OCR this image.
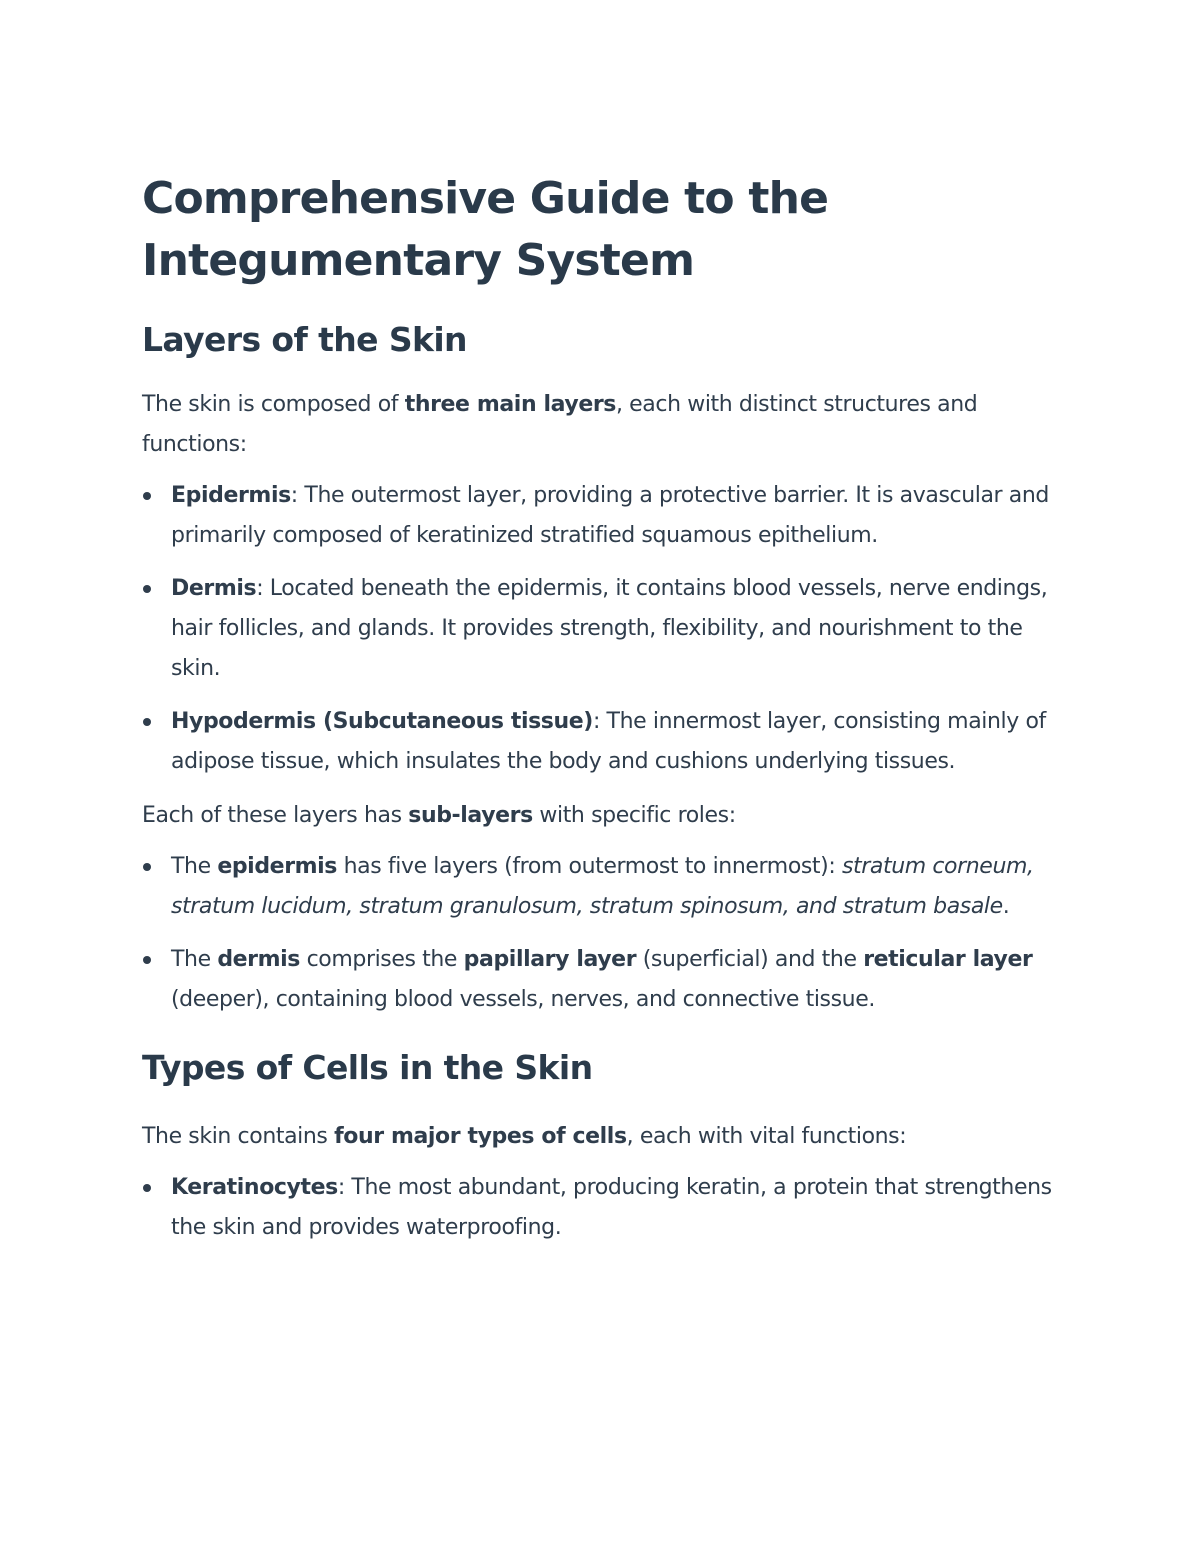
Comprehensive Guide to the Integumentary System
Layers of the Skin

The skin is composed of three main layers, each with distinct structures and functions:

Epidermis: The outermost layer, providing a protective barrier. It is avascular and primarily composed of keratinized stratified squamous epithelium.
Dermis: Located beneath the epidermis, it contains blood vessels, nerve endings, hair follicles, and glands. It provides strength, flexibility, and nourishment to the skin.
Hypodermis (Subcutaneous tissue): The innermost layer, consisting mainly of adipose tissue, which insulates the body and cushions underlying tissues.

Each of these layers has sub-layers with specific roles:

The epidermis has five layers (from outermost to innermost): stratum corneum, stratum lucidum, stratum granulosum, stratum spinosum, and stratum basale.
The dermis comprises the papillary layer (superficial) and the reticular layer (deeper), containing blood vessels, nerves, and connective tissue.
Types of Cells in the Skin

The skin contains four major types of cells, each with vital functions:

Keratinocytes: The most abundant, producing keratin, a protein that strengthens the skin and provides waterproofing.
